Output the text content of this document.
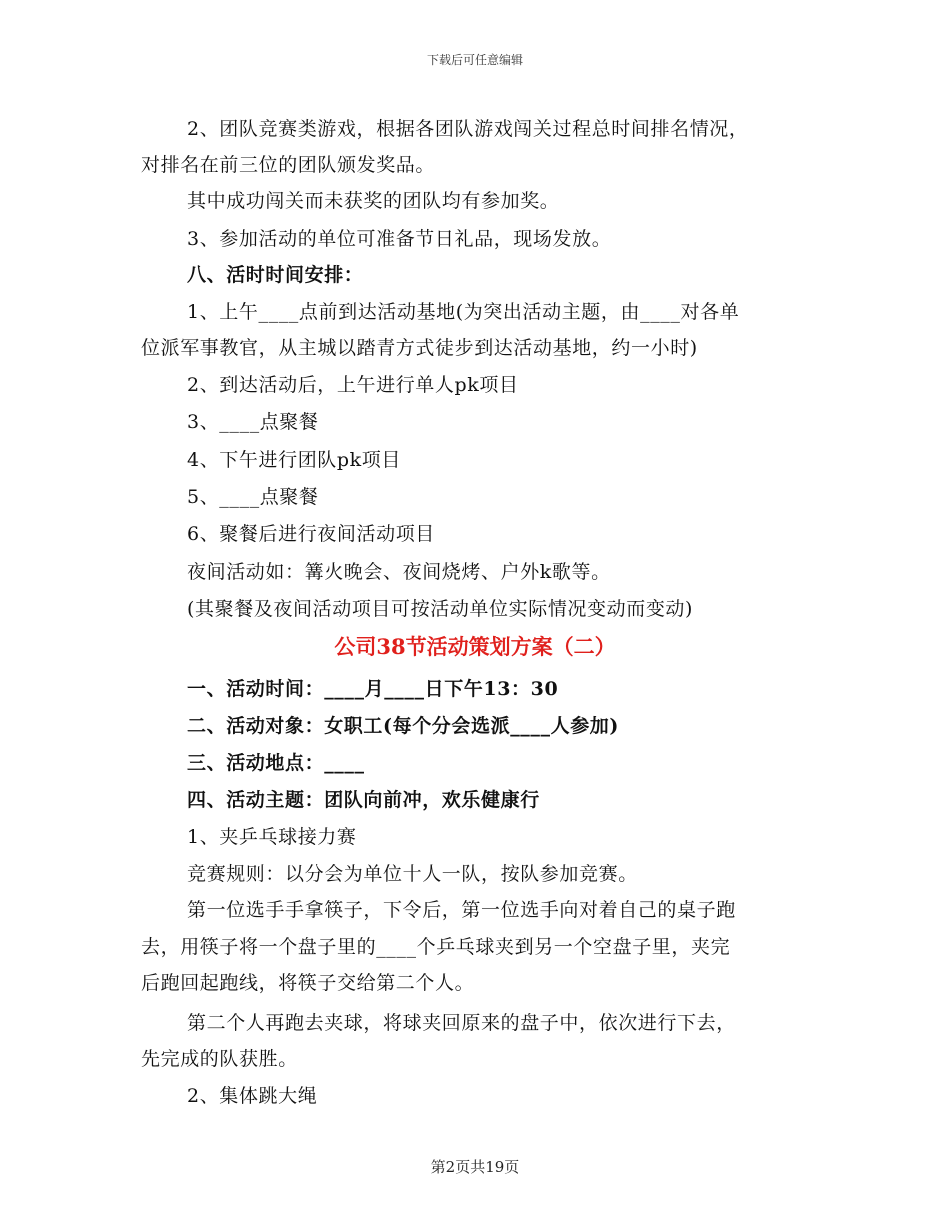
下载后可任意编辑
2、团队竞赛类游戏，根据各团队游戏闯关过程总时间排名情况，
对排名在前三位的团队颁发奖品。
其中成功闯关而未获奖的团队均有参加奖。
3、参加活动的单位可准备节日礼品，现场发放。
八、活时时间安排：
1、上午____点前到达活动基地(为突出活动主题，由____对各单
位派军事教官，从主城以踏青方式徒步到达活动基地，约一小时)
2、到达活动后，上午进行单人pk项目
3、____点聚餐
4、下午进行团队pk项目
5、____点聚餐
6、聚餐后进行夜间活动项目
夜间活动如：篝火晚会、夜间烧烤、户外k歌等。
(其聚餐及夜间活动项目可按活动单位实际情况变动而变动)
公司38节活动策划方案（二）
一、活动时间：____月____日下午13：30
二、活动对象：女职工(每个分会选派____人参加)
三、活动地点：____
四、活动主题：团队向前冲，欢乐健康行
1、夹乒乓球接力赛
竞赛规则：以分会为单位十人一队，按队参加竞赛。
第一位选手手拿筷子，下令后，第一位选手向对着自己的桌子跑
去，用筷子将一个盘子里的____个乒乓球夹到另一个空盘子里，夹完
后跑回起跑线，将筷子交给第二个人。
第二个人再跑去夹球，将球夹回原来的盘子中，依次进行下去，
先完成的队获胜。
2、集体跳大绳
第2页共19页
